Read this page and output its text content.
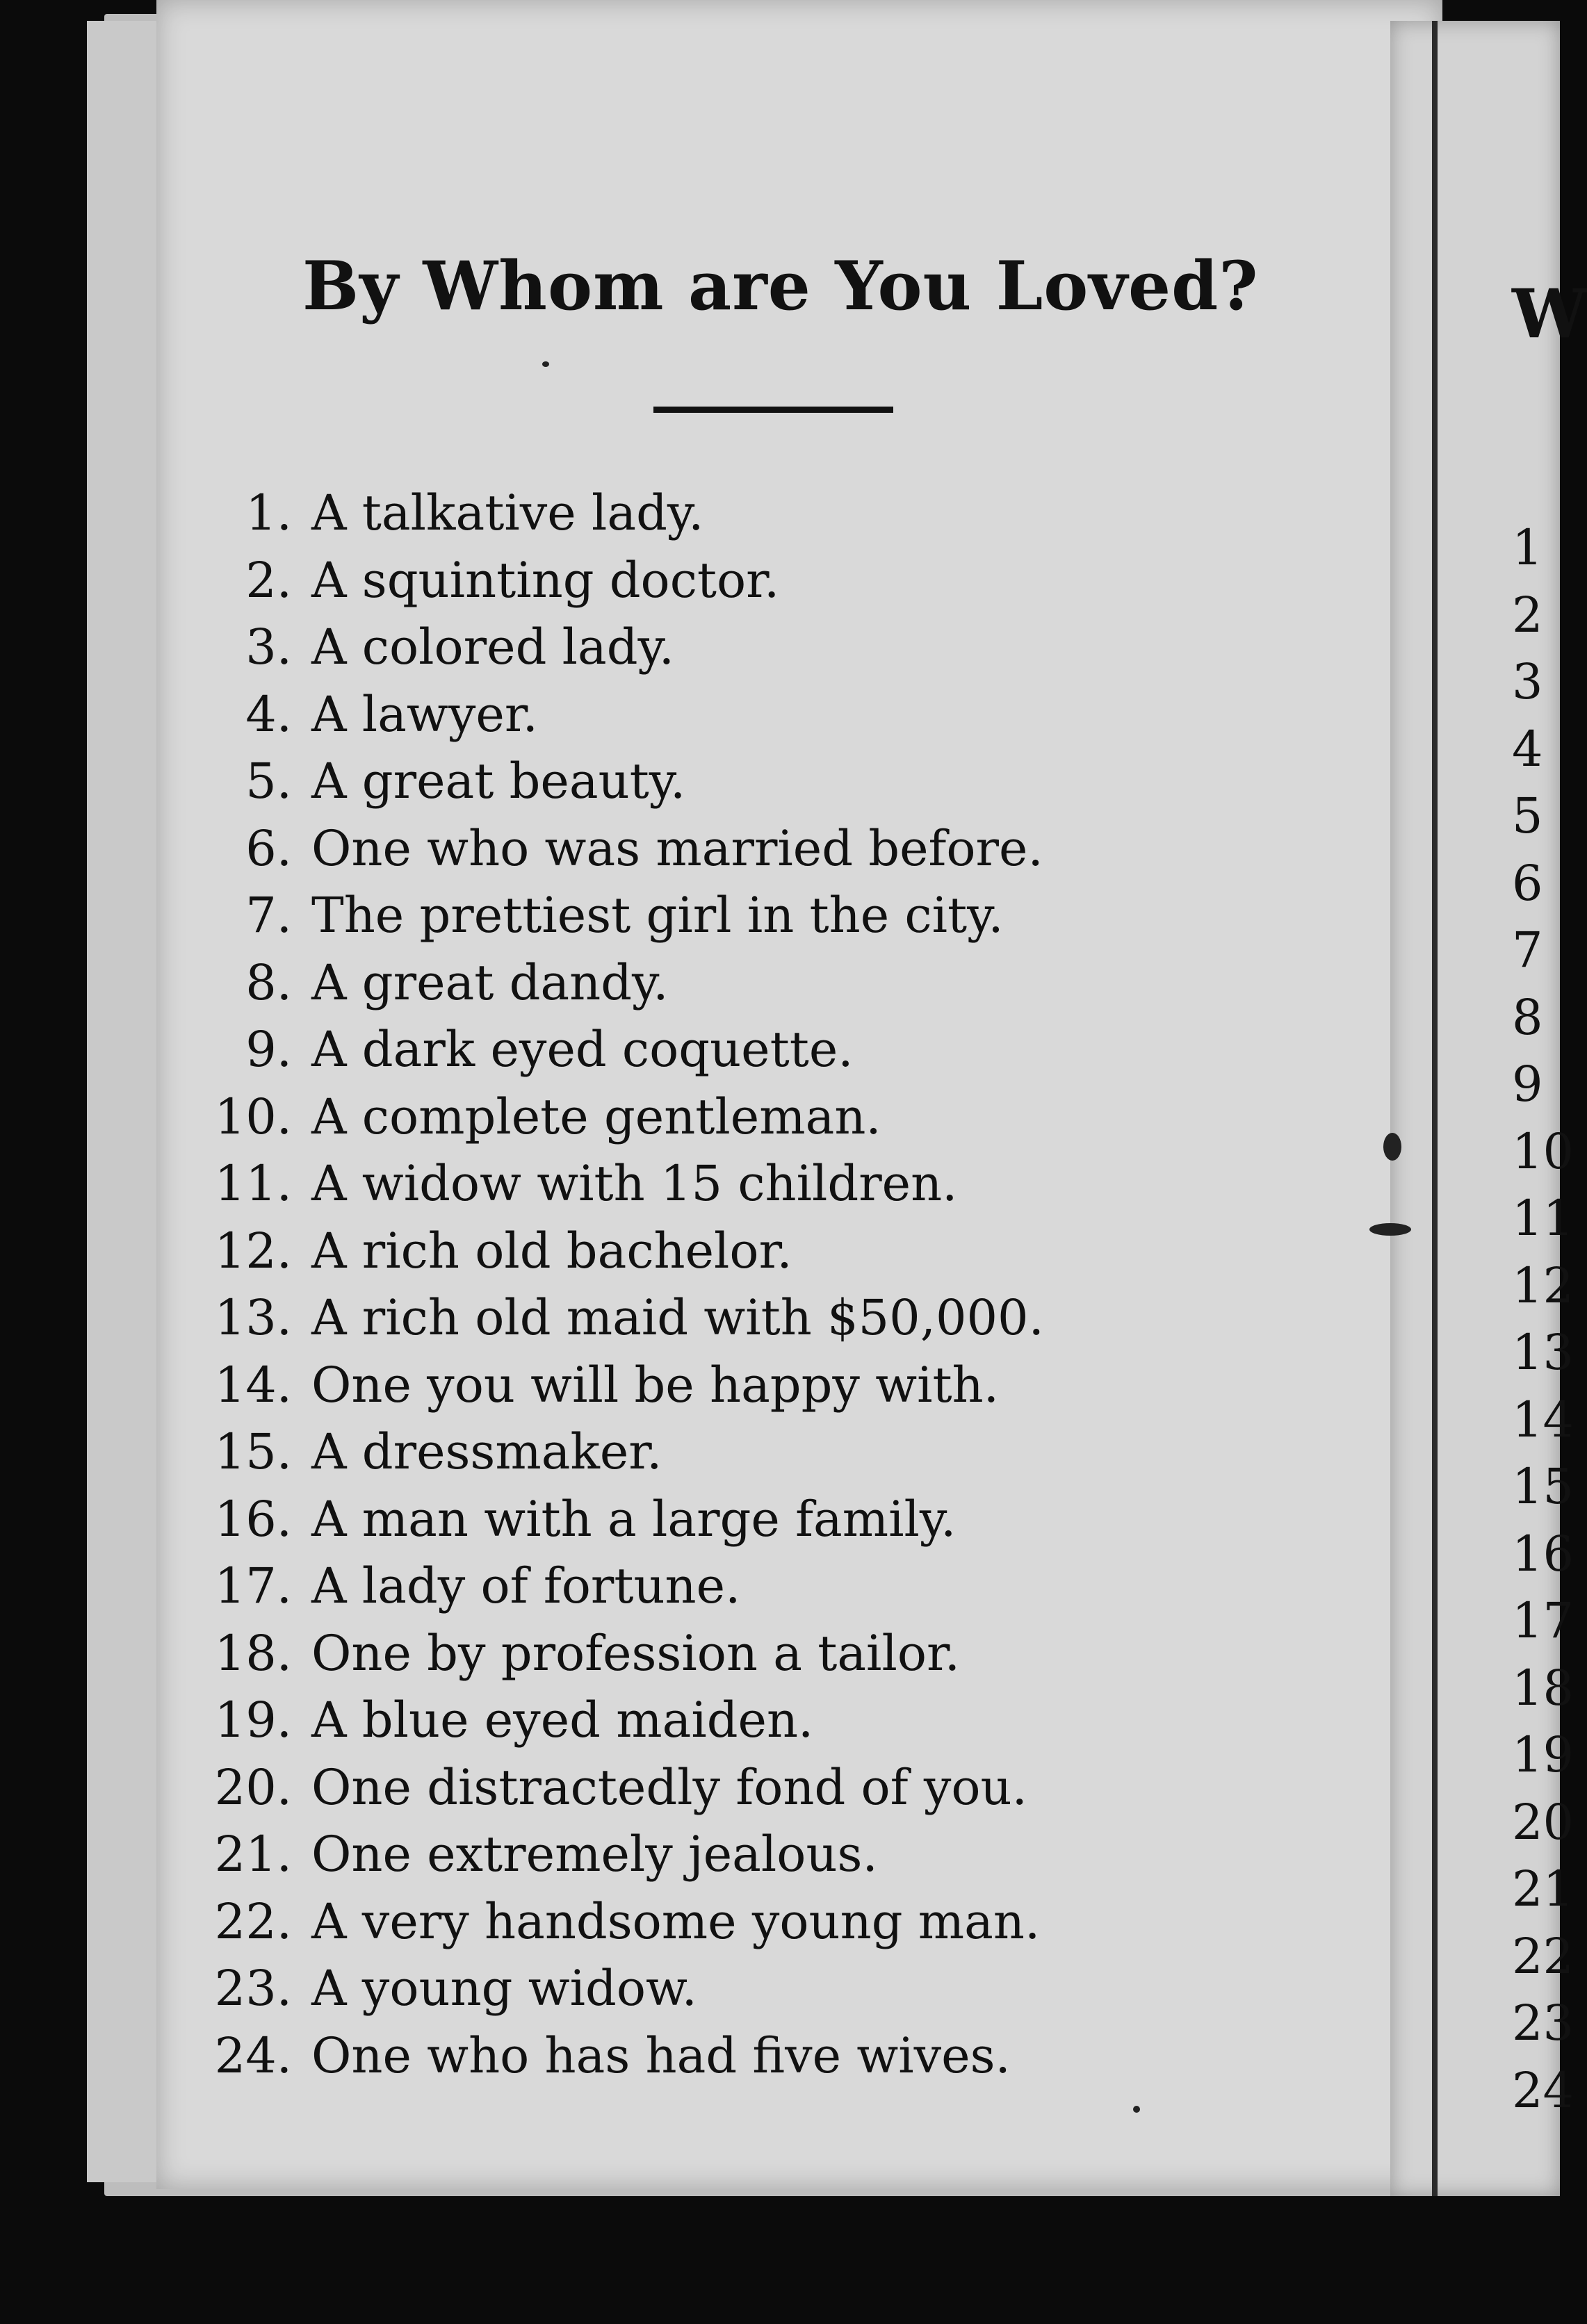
By Whom are You Loved?
1. A talkative lady.
2. A squinting doctor.
3. A colored lady.
4. A lawyer.
5. A great beauty.
6. One who was married before.
7. The prettiest girl in the city.
8. A great dandy.
9. A dark eyed coquette.
10. A complete gentleman.
11. A widow with 15 children.
12. A rich old bachelor.
13. A rich old maid with $50,000.
14. One you will be happy with.
15. A dressmaker.
16. A man with a large family.
17. A lady of fortune.
18. One by profession a tailor.
19. A blue eyed maiden.
20. One distractedly fond of you.
21. One extremely jealous.
22. A very handsome young man.
23. A young widow.
24. One who has had five wives.
W
1
2
3
4
5
6
7
8
9
10
11
12
13
14
15
16
17
18
19
20
21
22
23
24
